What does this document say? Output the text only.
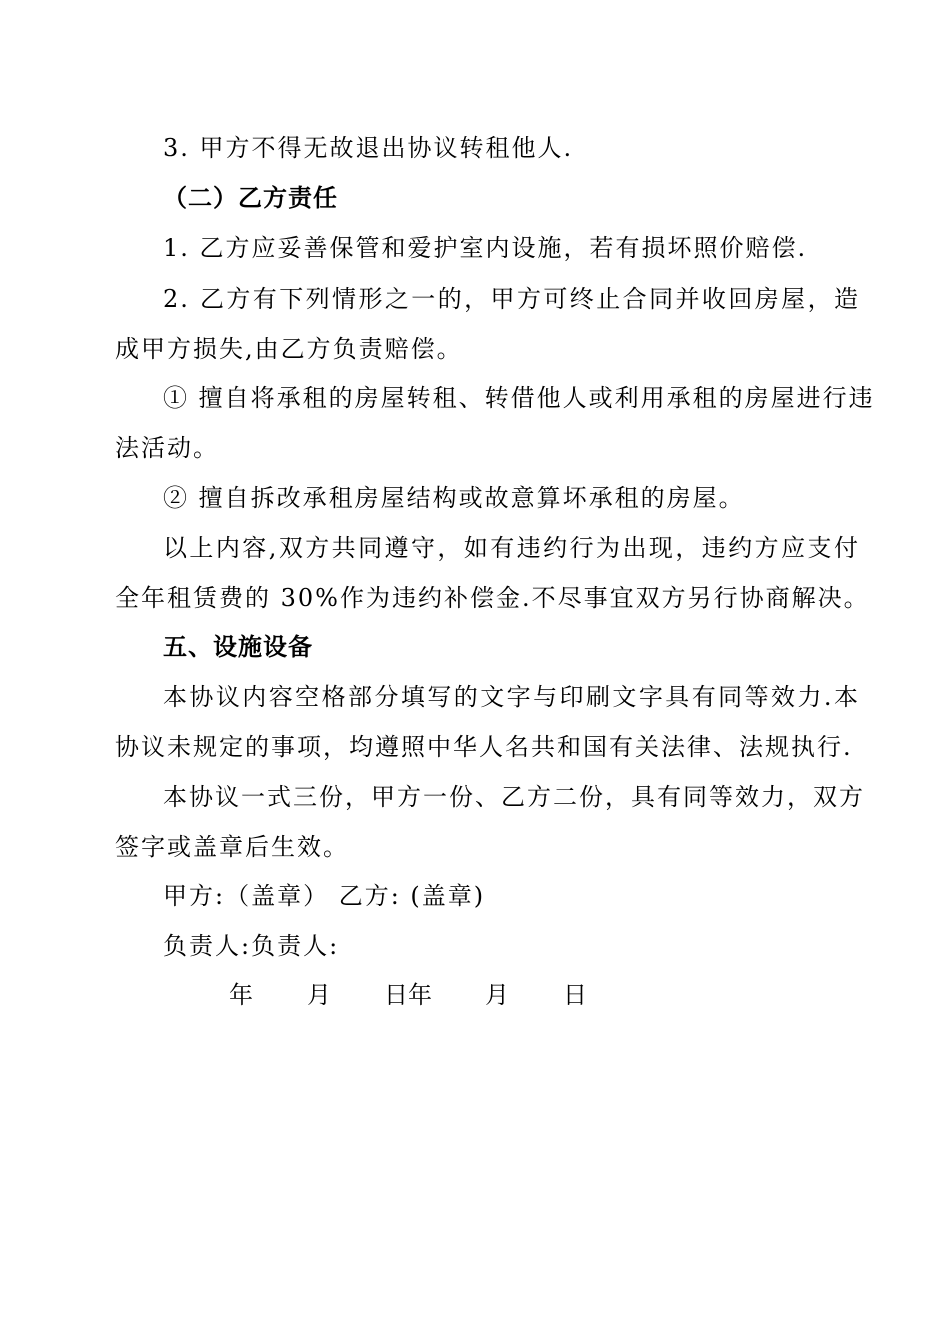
3. 甲方不得无故退出协议转租他人.
（二）乙方责任
1. 乙方应妥善保管和爱护室内设施，若有损坏照价赔偿.
2. 乙方有下列情形之一的，甲方可终止合同并收回房屋，造
成甲方损失,由乙方负责赔偿。
① 擅自将承租的房屋转租、转借他人或利用承租的房屋进行违
法活动。
② 擅自拆改承租房屋结构或故意算坏承租的房屋。
以上内容,双方共同遵守，如有违约行为出现，违约方应支付
全年租赁费的 30%作为违约补偿金.不尽事宜双方另行协商解决。
五、设施设备
本协议内容空格部分填写的文字与印刷文字具有同等效力.本
协议未规定的事项，均遵照中华人名共和国有关法律、法规执行.
本协议一式三份，甲方一份、乙方二份，具有同等效力，双方
签字或盖章后生效。
甲方:（盖章） 乙方: (盖章)
负责人:负责人:
年 月 日年 月 日
